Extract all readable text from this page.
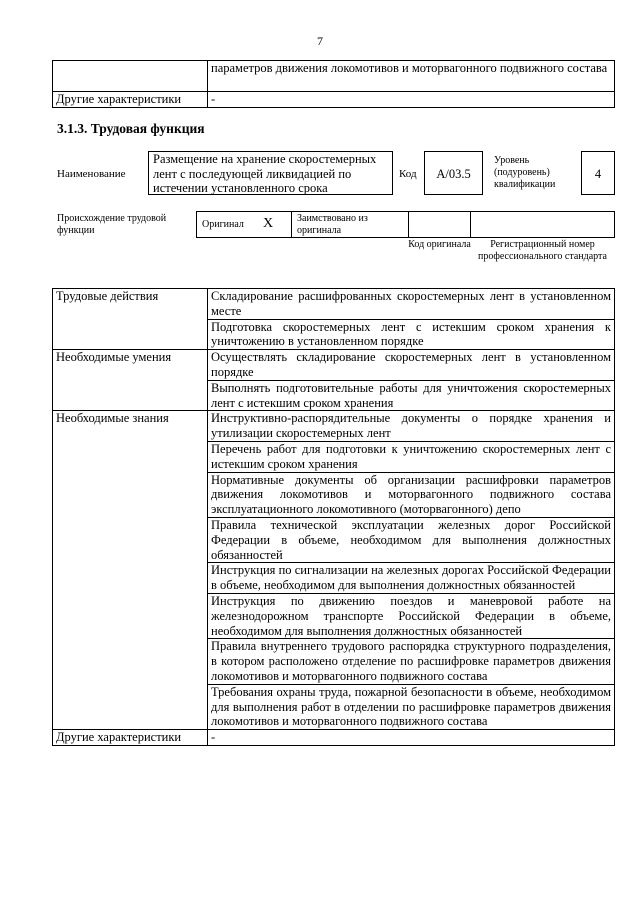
7
	параметров движения локомотивов и моторвагонного подвижного состава
Другие характеристики	-
3.1.3. Трудовая функция
Наименование
Размещение на хранение скоростемерных лент с последующей ликвидацией по истечении установленного срока
Код	A/03.5
Уровень (подуровень) квалификации
4
Происхождение трудовой функции
Оригинал X Заимствовано из оригинала
Код оригинала	Регистрационный номер профессионального стандарта
Трудовые действия	Складирование расшифрованных скоростемерных лент в установленном месте
	Подготовка скоростемерных лент с истекшим сроком хранения к уничтожению в установленном порядке
Необходимые умения	Осуществлять складирование скоростемерных лент в установленном порядке
	Выполнять подготовительные работы для уничтожения скоростемерных лент с истекшим сроком хранения
Необходимые знания	Инструктивно-распорядительные документы о порядке хранения и утилизации скоростемерных лент
	Перечень работ для подготовки к уничтожению скоростемерных лент с истекшим сроком хранения
	Нормативные документы об организации расшифровки параметров движения локомотивов и моторвагонного подвижного состава эксплуатационного локомотивного (моторвагонного) депо
	Правила технической эксплуатации железных дорог Российской Федерации в объеме, необходимом для выполнения должностных обязанностей
	Инструкция по сигнализации на железных дорогах Российской Федерации в объеме, необходимом для выполнения должностных обязанностей
	Инструкция по движению поездов и маневровой работе на железнодорожном транспорте Российской Федерации в объеме, необходимом для выполнения должностных обязанностей
	Правила внутреннего трудового распорядка структурного подразделения, в котором расположено отделение по расшифровке параметров движения локомотивов и моторвагонного подвижного состава
	Требования охраны труда, пожарной безопасности в объеме, необходимом для выполнения работ в отделении по расшифровке параметров движения локомотивов и моторвагонного подвижного состава
Другие характеристики	-
